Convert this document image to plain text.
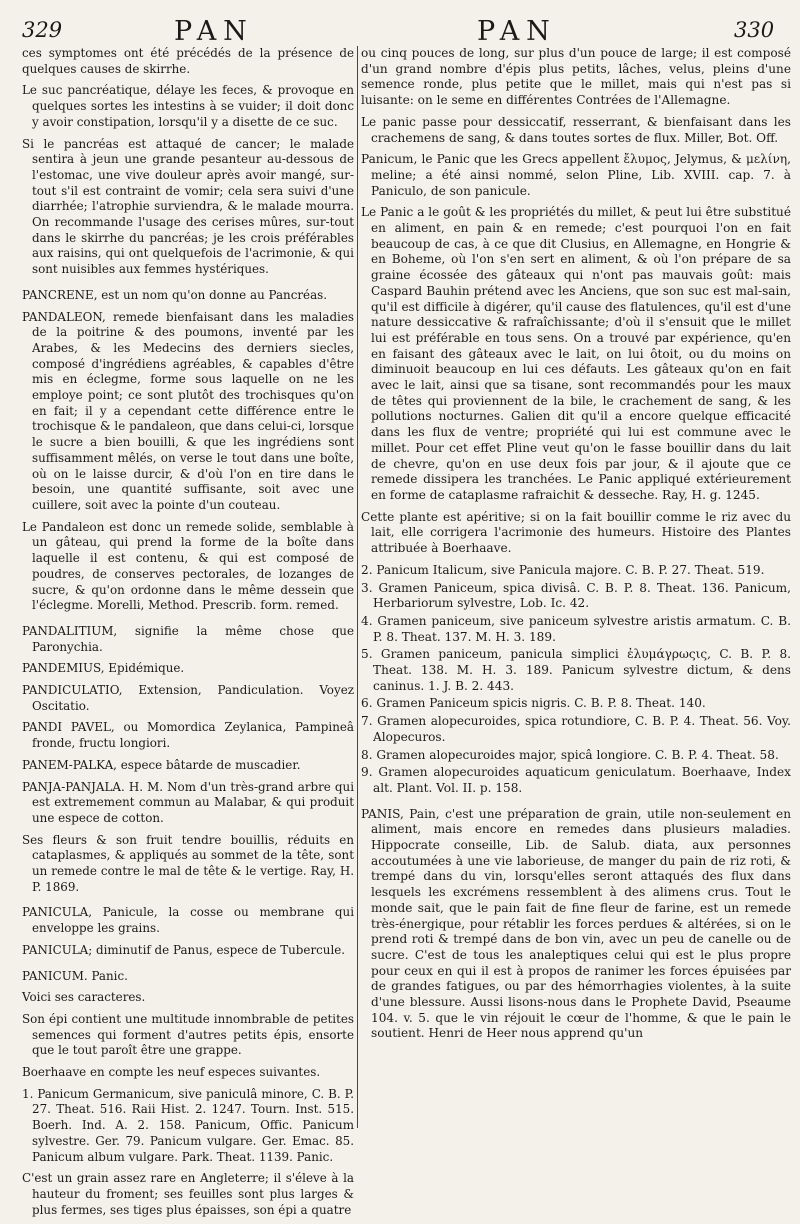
329	PAN	PAN	330

ces symptomes ont été précédés de la présence de quelques causes de skirrhe.

Le suc pancréatique, délaye les feces, & provoque en quelques sortes les intestins à se vuider; il doit donc y avoir constipation, lorsqu'il y a disette de ce suc.

Si le pancréas est attaqué de cancer; le malade sentira à jeun une grande pesanteur au-dessous de l'estomac, une vive douleur après avoir mangé, sur-tout s'il est contraint de vomir; cela sera suivi d'une diarrhée; l'atrophie surviendra, & le malade mourra. On recommande l'usage des cerises mûres, sur-tout dans le skirrhe du pancréas; je les crois préférables aux raisins, qui ont quelquefois de l'acrimonie, & qui sont nuisibles aux femmes hystériques.

PANCRENE, est un nom qu'on donne au Pancréas.

PANDALEON, remede bienfaisant dans les maladies de la poitrine & des poumons, inventé par les Arabes, & les Medecins des derniers siecles, composé d'ingrédiens agréables, & capables d'être mis en éclegme, forme sous laquelle on ne les employe point; ce sont plutôt des trochisques qu'on en fait; il y a cependant cette différence entre le trochisque & le pandaleon, que dans celui-ci, lorsque le sucre a bien bouilli, & que les ingrédiens sont suffisamment mêlés, on verse le tout dans une boîte, où on le laisse durcir, & d'où l'on en tire dans le besoin, une quantité suffisante, soit avec une cuillere, soit avec la pointe d'un couteau.

Le Pandaleon est donc un remede solide, semblable à un gâteau, qui prend la forme de la boîte dans laquelle il est contenu, & qui est composé de poudres, de conserves pectorales, de lozanges de sucre, & qu'on ordonne dans le même dessein que l'éclegme. Morelli, Method. Prescrib. form. remed.

PANDALITIUM, signifie la même chose que Paronychia.

PANDEMIUS, Epidémique.

PANDICULATIO, Extension, Pandiculation. Voyez Oscitatio.

PANDI PAVEL, ou Momordica Zeylanica, Pampineâ fronde, fructu longiori.

PANEM-PALKA, espece bâtarde de muscadier.

PANJA-PANJALA. H. M. Nom d'un très-grand arbre qui est extremement commun au Malabar, & qui produit une espece de cotton.

Ses fleurs & son fruit tendre bouillis, réduits en cataplasmes, & appliqués au sommet de la tête, sont un remede contre le mal de tête & le vertige. Ray, H. P. 1869.

PANICULA, Panicule, la cosse ou membrane qui enveloppe les grains.

PANICULA; diminutif de Panus, espece de Tubercule.

PANICUM. Panic.

Voici ses caracteres.

Son épi contient une multitude innombrable de petites semences qui forment d'autres petits épis, ensorte que le tout paroît être une grappe.

Boerhaave en compte les neuf especes suivantes.

1. Panicum Germanicum, sive paniculâ minore, C. B. P. 27. Theat. 516. Raii Hist. 2. 1247. Tourn. Inst. 515. Boerh. Ind. A. 2. 158. Panicum, Offic. Panicum sylvestre. Ger. 79. Panicum vulgare. Ger. Emac. 85. Panicum album vulgare. Park. Theat. 1139. Panic.

C'est un grain assez rare en Angleterre; il s'éleve à la hauteur du froment; ses feuilles sont plus larges & plus fermes, ses tiges plus épaisses, son épi a quatre

ou cinq pouces de long, sur plus d'un pouce de large; il est composé d'un grand nombre d'épis plus petits, lâches, velus, pleins d'une semence ronde, plus petite que le millet, mais qui n'est pas si luisante: on le seme en différentes Contrées de l'Allemagne.

Le panic passe pour dessiccatif, resserrant, & bienfaisant dans les crachemens de sang, & dans toutes sortes de flux. Miller, Bot. Off.

Panicum, le Panic que les Grecs appellent ἔλυμος, Jelymus, & μελίνη, meline; a été ainsi nommé, selon Pline, Lib. XVIII. cap. 7. à Paniculo, de son panicule.

Le Panic a le goût & les propriétés du millet, & peut lui être substitué en aliment, en pain & en remede; c'est pourquoi l'on en fait beaucoup de cas, à ce que dit Clusius, en Allemagne, en Hongrie & en Boheme, où l'on s'en sert en aliment, & où l'on prépare de sa graine écossée des gâteaux qui n'ont pas mauvais goût: mais Caspard Bauhin prétend avec les Anciens, que son suc est mal-sain, qu'il est difficile à digérer, qu'il cause des flatulences, qu'il est d'une nature dessiccative & rafraîchissante; d'où il s'ensuit que le millet lui est préférable en tous sens. On a trouvé par expérience, qu'en en faisant des gâteaux avec le lait, on lui ôtoit, ou du moins on diminuoit beaucoup en lui ces défauts. Les gâteaux qu'on en fait avec le lait, ainsi que sa tisane, sont recommandés pour les maux de têtes qui proviennent de la bile, le crachement de sang, & les pollutions nocturnes. Galien dit qu'il a encore quelque efficacité dans les flux de ventre; propriété qui lui est commune avec le millet. Pour cet effet Pline veut qu'on le fasse bouillir dans du lait de chevre, qu'on en use deux fois par jour, & il ajoute que ce remede dissipera les tranchées. Le Panic appliqué extérieurement en forme de cataplasme rafraichit & desseche. Ray, H. g. 1245.

Cette plante est apéritive; si on la fait bouillir comme le riz avec du lait, elle corrigera l'acrimonie des humeurs. Histoire des Plantes attribuée à Boerhaave.

2. Panicum Italicum, sive Panicula majore. C. B. P. 27. Theat. 519.
3. Gramen Paniceum, spica divisâ. C. B. P. 8. Theat. 136. Panicum, Herbariorum sylvestre, Lob. Ic. 42.
4. Gramen paniceum, sive paniceum sylvestre aristis armatum. C. B. P. 8. Theat. 137. M. H. 3. 189.
5. Gramen paniceum, panicula simplici ἐλυμάγρωςις, C. B. P. 8. Theat. 138. M. H. 3. 189. Panicum sylvestre dictum, & dens caninus. 1. J. B. 2. 443.
6. Gramen Paniceum spicis nigris. C. B. P. 8. Theat. 140.
7. Gramen alopecuroides, spica rotundiore, C. B. P. 4. Theat. 56. Voy. Alopecuros.
8. Gramen alopecuroides major, spicâ longiore. C. B. P. 4. Theat. 58.
9. Gramen alopecuroides aquaticum geniculatum. Boerhaave, Index alt. Plant. Vol. II. p. 158.

PANIS, Pain, c'est une préparation de grain, utile non-seulement en aliment, mais encore en remedes dans plusieurs maladies. Hippocrate conseille, Lib. de Salub. diata, aux personnes accoutumées à une vie laborieuse, de manger du pain de riz roti, & trempé dans du vin, lorsqu'elles seront attaqués des flux dans lesquels les excrémens ressemblent à des alimens crus. Tout le monde sait, que le pain fait de fine fleur de farine, est un remede très-énergique, pour rétablir les forces perdues & altérées, si on le prend roti & trempé dans de bon vin, avec un peu de canelle ou de sucre. C'est de tous les analeptiques celui qui est le plus propre pour ceux en qui il est à propos de ranimer les forces épuisées par de grandes fatigues, ou par des hémorrhagies violentes, à la suite d'une blessure. Aussi lisons-nous dans le Prophete David, Pseaume 104. v. 5. que le vin réjouit le cœur de l'homme, & que le pain le soutient. Henri de Heer nous apprend qu'un
